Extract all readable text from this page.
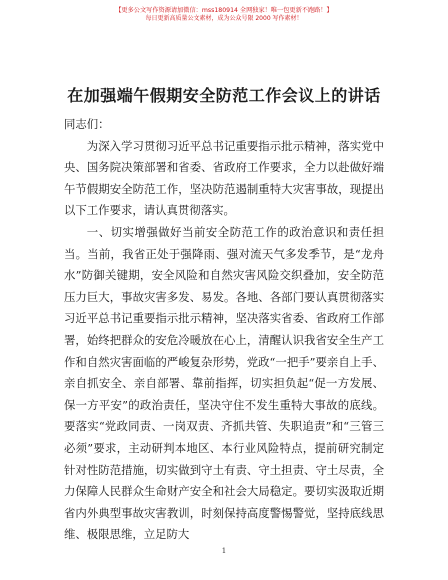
【更多公文写作资源请加微信：mss180914 全网独家！唯一包更新不跑路！】
每日更新高质量公文素材，成为公众号限 2000 写作素材！
在加强端午假期安全防范工作会议上的讲话

同志们：

为深入学习贯彻习近平总书记重要指示批示精神，落实党中央、国务院决策部署和省委、省政府工作要求，全力以赴做好端午节假期安全防范工作，坚决防范遏制重特大灾害事故，现提出以下工作要求，请认真贯彻落实。

一、切实增强做好当前安全防范工作的政治意识和责任担当。当前，我省正处于强降雨、强对流天气多发季节，是“龙舟水”防御关键期，安全风险和自然灾害风险交织叠加，安全防范压力巨大，事故灾害多发、易发。各地、各部门要认真贯彻落实习近平总书记重要指示批示精神，坚决落实省委、省政府工作部署，始终把群众的安危冷暖放在心上，清醒认识我省安全生产工作和自然灾害面临的严峻复杂形势，党政“一把手”要亲自上手、亲自抓安全、亲自部署、靠前指挥，切实担负起“促一方发展、保一方平安”的政治责任，坚决守住不发生重特大事故的底线。要落实“党政同责、一岗双责、齐抓共管、失职追责”和“三管三必须”要求，主动研判本地区、本行业风险特点，提前研究制定针对性防范措施，切实做到守土有责、守土担责、守土尽责，全力保障人民群众生命财产安全和社会大局稳定。要切实汲取近期省内外典型事故灾害教训，时刻保持高度警惕警觉，坚持底线思维、极限思维，立足防大

1
